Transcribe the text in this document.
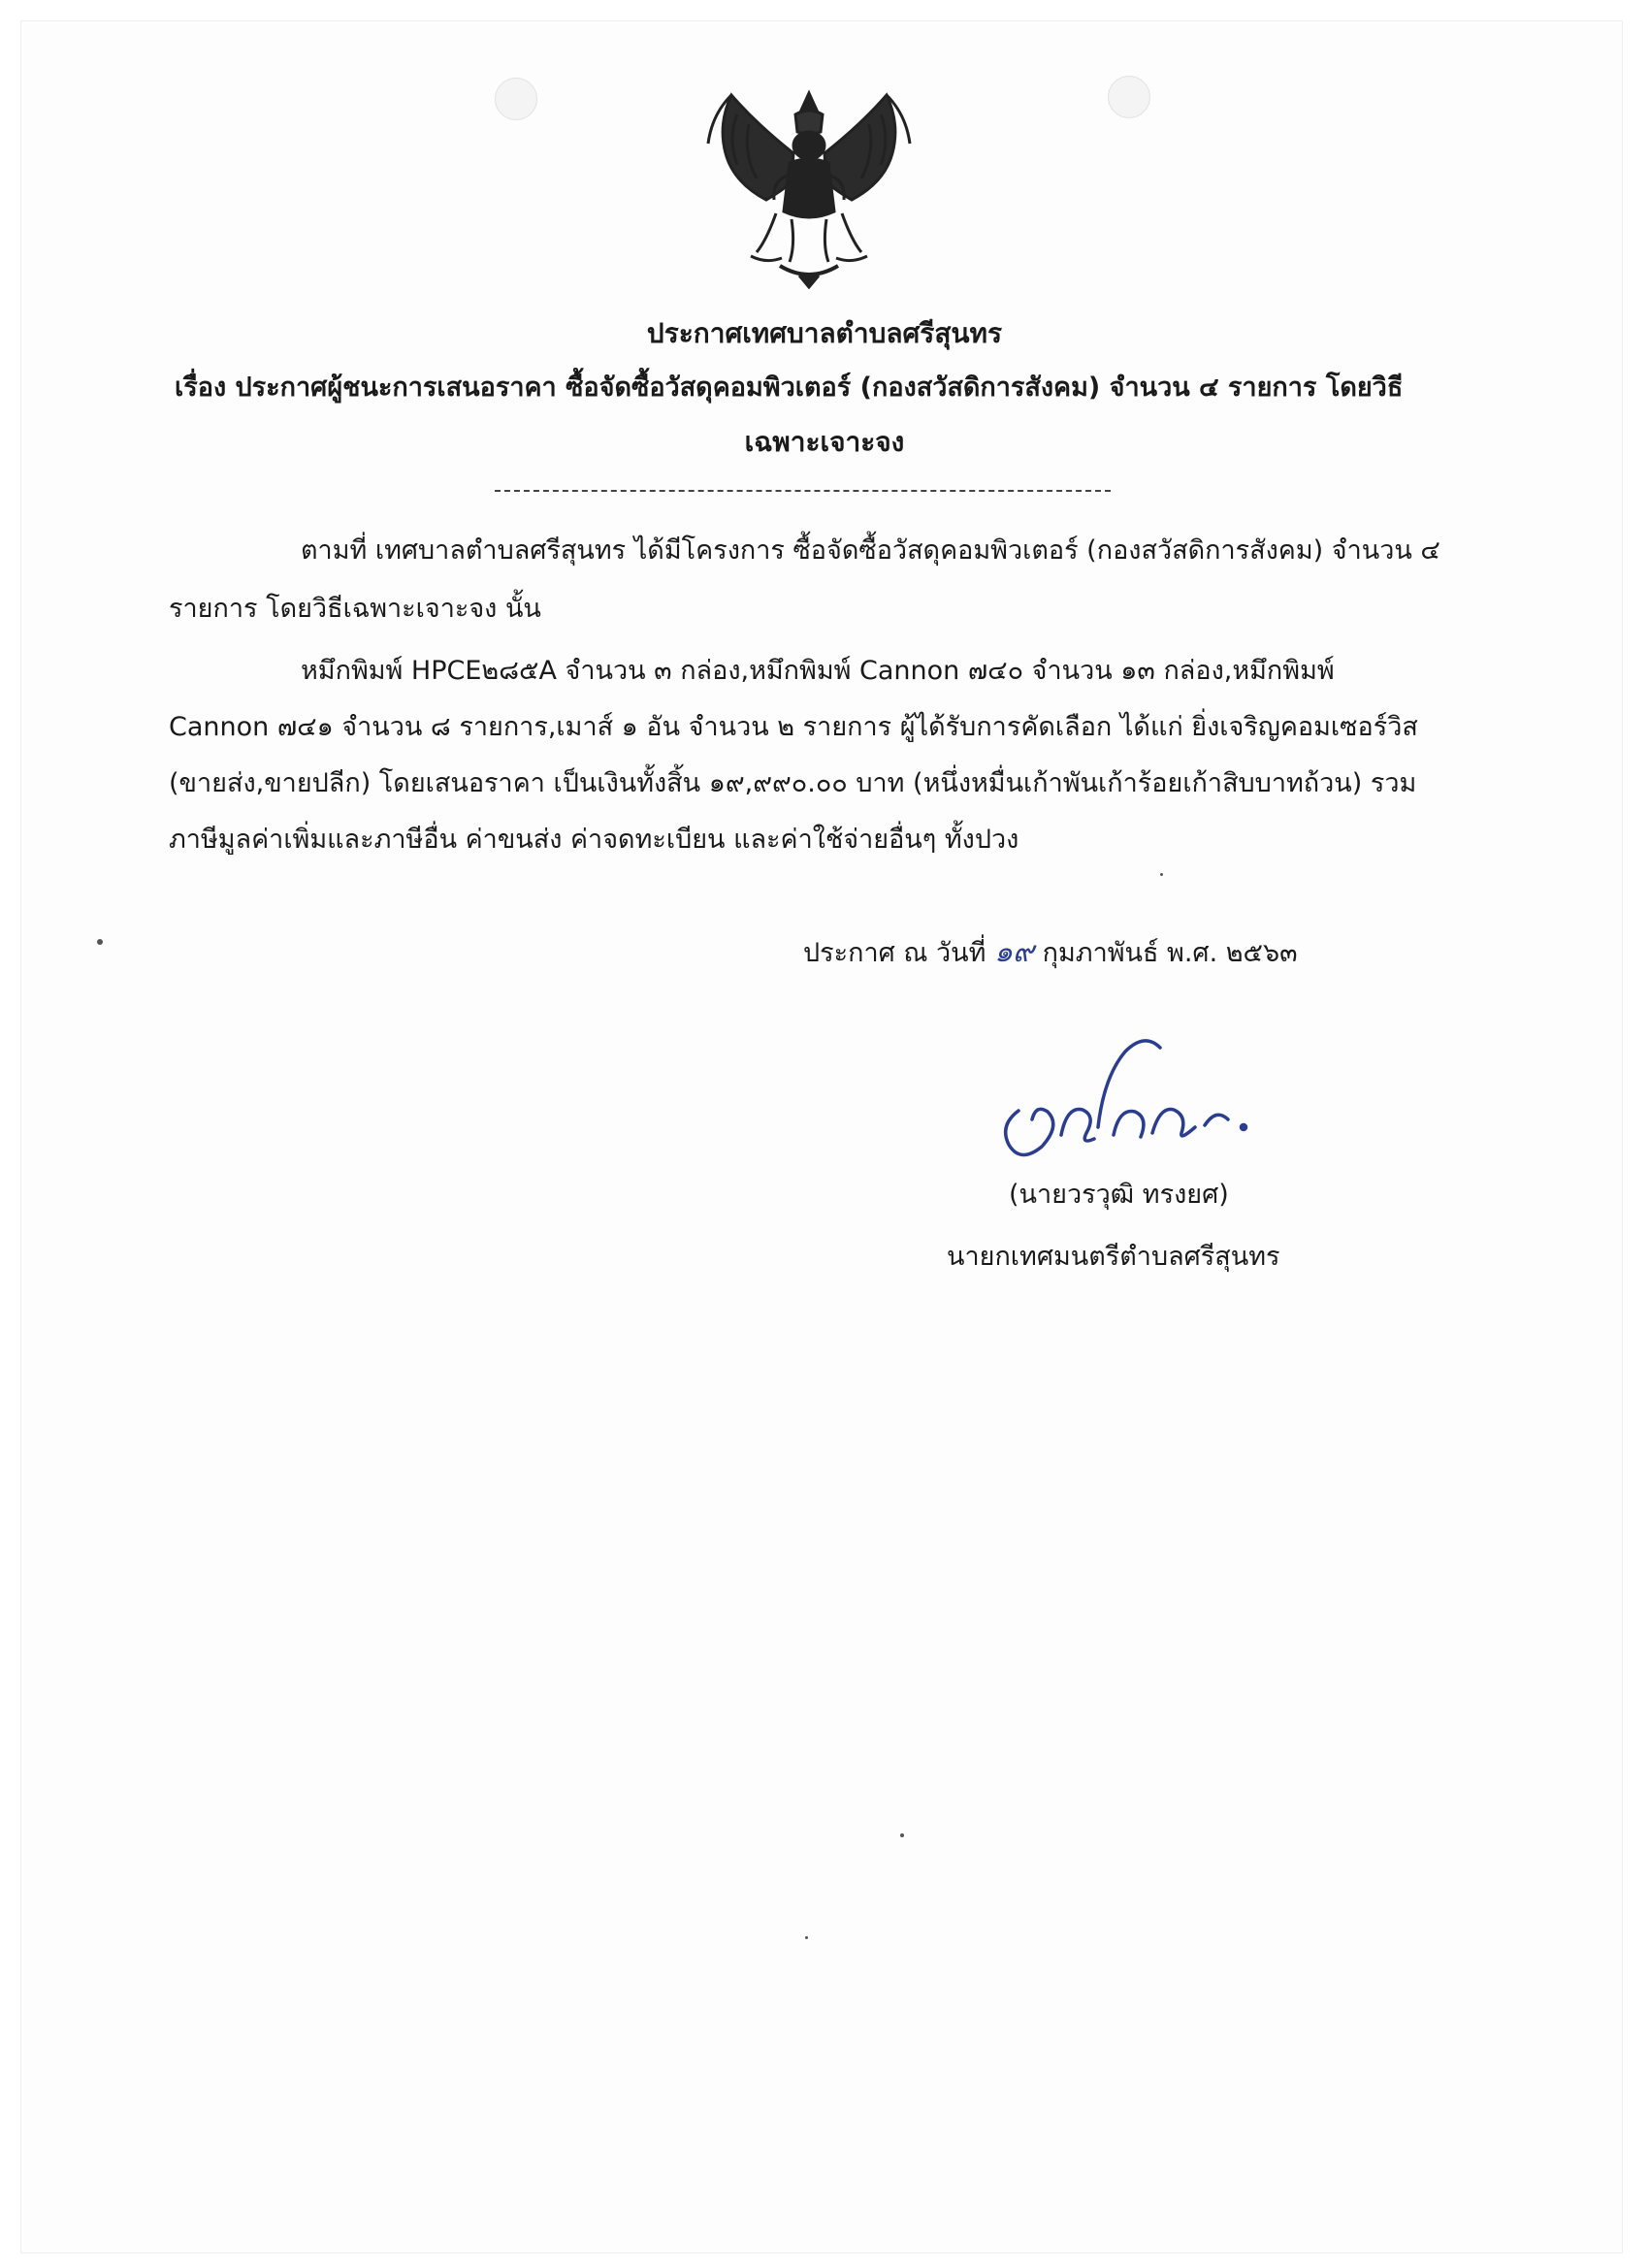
ประกาศเทศบาลตำบลศรีสุนทร
เรื่อง ประกาศผู้ชนะการเสนอราคา ซื้อจัดซื้อวัสดุคอมพิวเตอร์ (กองสวัสดิการสังคม) จำนวน ๔ รายการ โดยวิธี
เฉพาะเจาะจง
ตามที่ เทศบาลตำบลศรีสุนทร ได้มีโครงการ ซื้อจัดซื้อวัสดุคอมพิวเตอร์ (กองสวัสดิการสังคม) จำนวน ๔
รายการ โดยวิธีเฉพาะเจาะจง นั้น
หมึกพิมพ์ HPCE๒๘๕A จำนวน ๓ กล่อง,หมึกพิมพ์ Cannon ๗๔๐ จำนวน ๑๓ กล่อง,หมึกพิมพ์
Cannon ๗๔๑ จำนวน ๘ รายการ,เมาส์ ๑ อัน จำนวน ๒ รายการ ผู้ได้รับการคัดเลือก ได้แก่ ยิ่งเจริญคอมเซอร์วิส
(ขายส่ง,ขายปลีก) โดยเสนอราคา เป็นเงินทั้งสิ้น ๑๙,๙๙๐.๐๐ บาท (หนึ่งหมื่นเก้าพันเก้าร้อยเก้าสิบบาทถ้วน) รวม
ภาษีมูลค่าเพิ่มและภาษีอื่น ค่าขนส่ง ค่าจดทะเบียน และค่าใช้จ่ายอื่นๆ ทั้งปวง
ประกาศ ณ วันที่ ๑๙ กุมภาพันธ์ พ.ศ. ๒๕๖๓
(นายวรวุฒิ ทรงยศ)
นายกเทศมนตรีตำบลศรีสุนทร
